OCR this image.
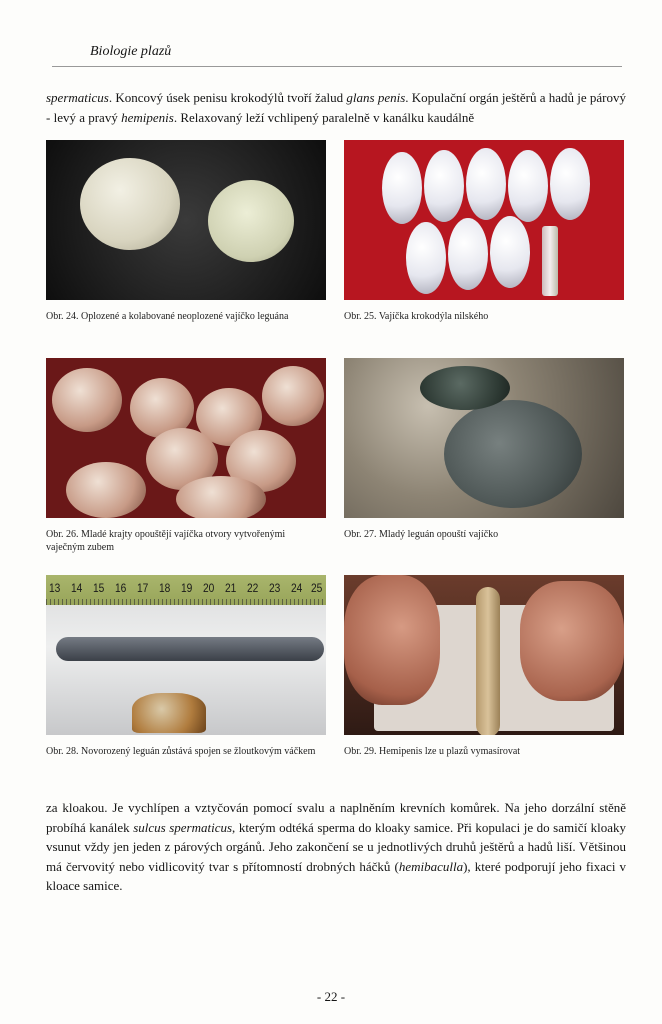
Biologie plazů

spermaticus. Koncový úsek penisu krokodýlů tvoří žalud glans penis. Kopulační orgán ještěrů a hadů je párový - levý a pravý hemipenis. Relaxovaný leží vchlipený paralelně v kanálku kaudálně

Obr. 24. Oplozené a kolabované neoplozené vajíčko leguána	Obr. 25. Vajíčka krokodýla nilského
Obr. 26. Mladé krajty opouštějí vajíčka otvory vytvořenými vaječným zubem
Obr. 27. Mladý leguán opouští vajíčko
13 14 15 16 17 18 19 20 21 22 23 24 25
Obr. 28. Novorozený leguán zůstává spojen se žloutkovým váčkem	Obr. 29. Hemipenis lze u plazů vymasírovat

za kloakou. Je vychlípen a vztyčován pomocí svalu a naplněním krevních komůrek. Na jeho dorzální stěně probíhá kanálek sulcus spermaticus, kterým odtéká sperma do kloaky samice. Při kopulaci je do samičí kloaky vsunut vždy jen jeden z párových orgánů. Jeho zakončení se u jednotlivých druhů ještěrů a hadů liší. Většinou má červovitý nebo vidlicovitý tvar s přítomností drobných háčků (hemibaculla), které podporují jeho fixaci v kloace samice.

- 22 -
